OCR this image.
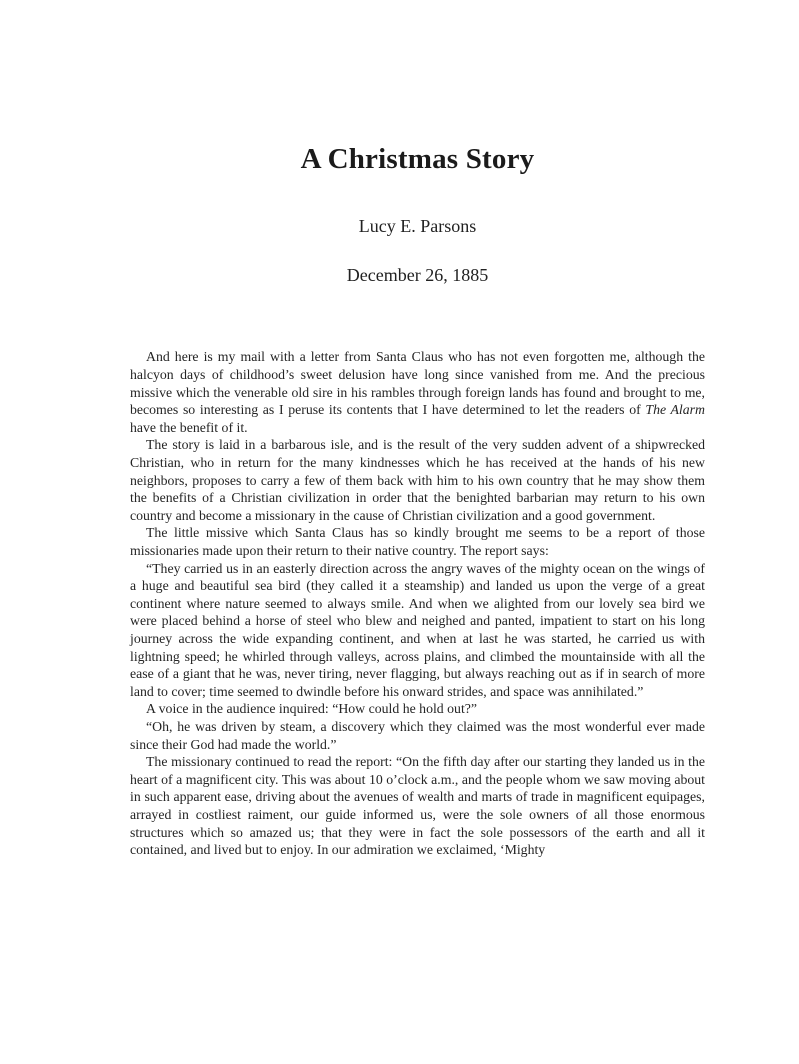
A Christmas Story
Lucy E. Parsons
December 26, 1885

And here is my mail with a letter from Santa Claus who has not even forgotten me, although the halcyon days of childhood’s sweet delusion have long since vanished from me. And the precious missive which the venerable old sire in his rambles through foreign lands has found and brought to me, becomes so interesting as I peruse its contents that I have determined to let the readers of The Alarm have the benefit of it.

The story is laid in a barbarous isle, and is the result of the very sudden advent of a shipwrecked Christian, who in return for the many kindnesses which he has received at the hands of his new neighbors, proposes to carry a few of them back with him to his own country that he may show them the benefits of a Christian civilization in order that the benighted barbarian may return to his own country and become a missionary in the cause of Christian civilization and a good government.

The little missive which Santa Claus has so kindly brought me seems to be a report of those missionaries made upon their return to their native country. The report says:

“They carried us in an easterly direction across the angry waves of the mighty ocean on the wings of a huge and beautiful sea bird (they called it a steamship) and landed us upon the verge of a great continent where nature seemed to always smile. And when we alighted from our lovely sea bird we were placed behind a horse of steel who blew and neighed and panted, impatient to start on his long journey across the wide expanding continent, and when at last he was started, he carried us with lightning speed; he whirled through valleys, across plains, and climbed the mountainside with all the ease of a giant that he was, never tiring, never flagging, but always reaching out as if in search of more land to cover; time seemed to dwindle before his onward strides, and space was annihilated.”

A voice in the audience inquired: “How could he hold out?”

“Oh, he was driven by steam, a discovery which they claimed was the most wonderful ever made since their God had made the world.”

The missionary continued to read the report: “On the fifth day after our starting they landed us in the heart of a magnificent city. This was about 10 o’clock a.m., and the people whom we saw moving about in such apparent ease, driving about the avenues of wealth and marts of trade in magnificent equipages, arrayed in costliest raiment, our guide informed us, were the sole owners of all those enormous structures which so amazed us; that they were in fact the sole possessors of the earth and all it contained, and lived but to enjoy. In our admiration we exclaimed, ‘Mighty
